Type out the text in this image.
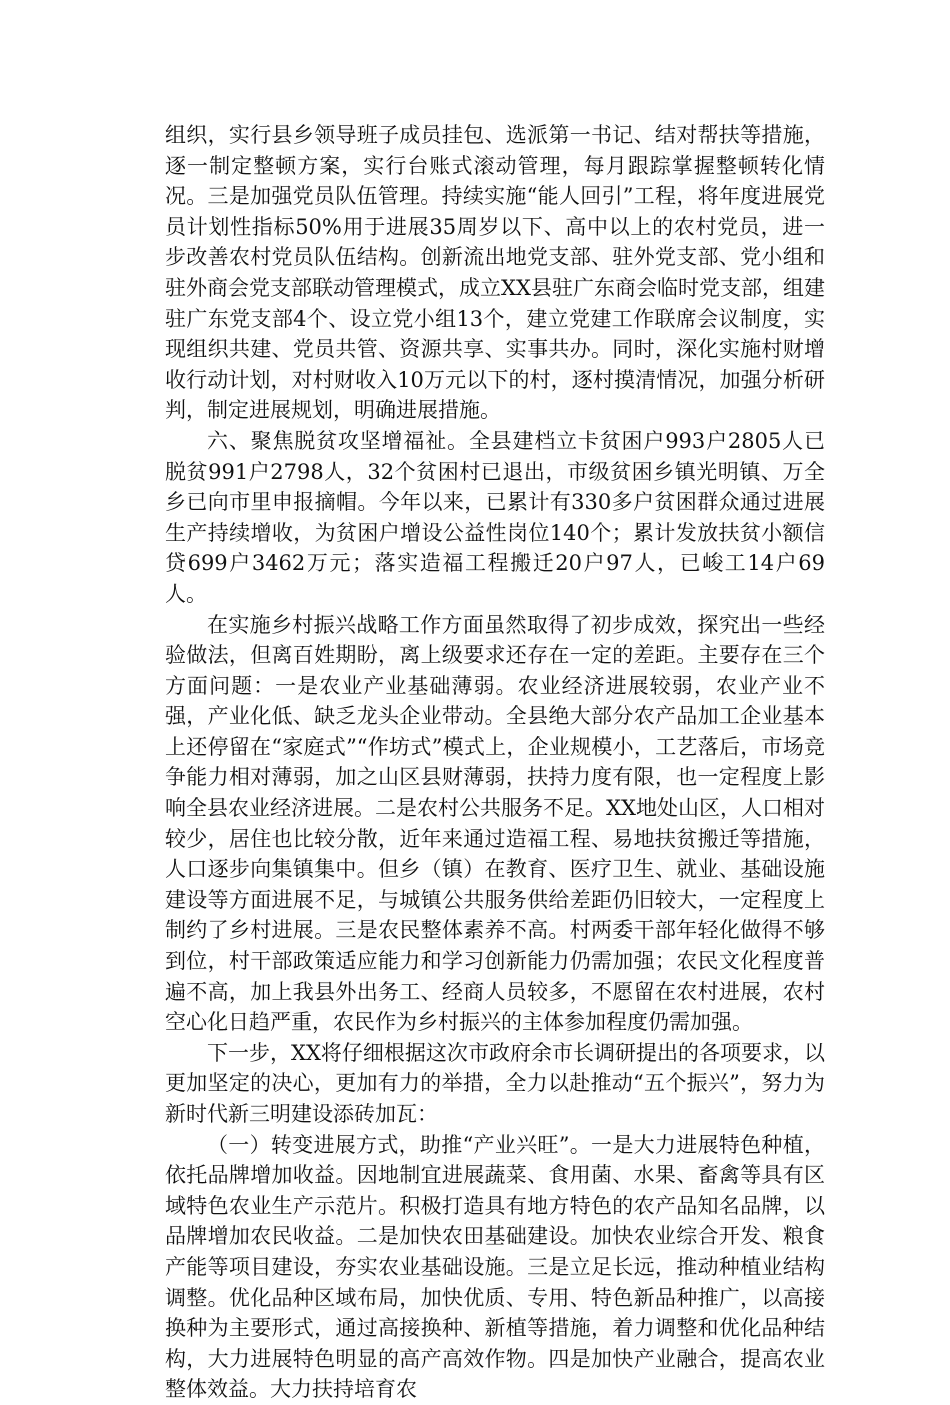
组织，实行县乡领导班子成员挂包、选派第一书记、结对帮扶等措施，逐一制定整顿方案，实行台账式滚动管理，每月跟踪掌握整顿转化情况。三是加强党员队伍管理。持续实施“能人回引”工程，将年度进展党员计划性指标50%用于进展35周岁以下、高中以上的农村党员，进一步改善农村党员队伍结构。创新流出地党支部、驻外党支部、党小组和驻外商会党支部联动管理模式，成立XX县驻广东商会临时党支部，组建驻广东党支部4个、设立党小组13个，建立党建工作联席会议制度，实现组织共建、党员共管、资源共享、实事共办。同时，深化实施村财增收行动计划，对村财收入10万元以下的村，逐村摸清情况，加强分析研判，制定进展规划，明确进展措施。

六、聚焦脱贫攻坚增福祉。全县建档立卡贫困户993户2805人已脱贫991户2798人，32个贫困村已退出，市级贫困乡镇光明镇、万全乡已向市里申报摘帽。今年以来，已累计有330多户贫困群众通过进展生产持续增收，为贫困户增设公益性岗位140个；累计发放扶贫小额信贷699户3462万元；落实造福工程搬迁20户97人，已峻工14户69人。

在实施乡村振兴战略工作方面虽然取得了初步成效，探究出一些经验做法，但离百姓期盼，离上级要求还存在一定的差距。主要存在三个方面问题：一是农业产业基础薄弱。农业经济进展较弱，农业产业不强，产业化低、缺乏龙头企业带动。全县绝大部分农产品加工企业基本上还停留在“家庭式”“作坊式”模式上，企业规模小，工艺落后，市场竞争能力相对薄弱，加之山区县财薄弱，扶持力度有限，也一定程度上影响全县农业经济进展。二是农村公共服务不足。XX地处山区，人口相对较少，居住也比较分散，近年来通过造福工程、易地扶贫搬迁等措施，人口逐步向集镇集中。但乡（镇）在教育、医疗卫生、就业、基础设施建设等方面进展不足，与城镇公共服务供给差距仍旧较大，一定程度上制约了乡村进展。三是农民整体素养不高。村两委干部年轻化做得不够到位，村干部政策适应能力和学习创新能力仍需加强；农民文化程度普遍不高，加上我县外出务工、经商人员较多，不愿留在农村进展，农村空心化日趋严重，农民作为乡村振兴的主体参加程度仍需加强。

下一步，XX将仔细根据这次市政府余市长调研提出的各项要求，以更加坚定的决心，更加有力的举措，全力以赴推动“五个振兴”，努力为新时代新三明建设添砖加瓦：

（一）转变进展方式，助推“产业兴旺”。一是大力进展特色种植，依托品牌增加收益。因地制宜进展蔬菜、食用菌、水果、畜禽等具有区域特色农业生产示范片。积极打造具有地方特色的农产品知名品牌，以品牌增加农民收益。二是加快农田基础建设。加快农业综合开发、粮食产能等项目建设，夯实农业基础设施。三是立足长远，推动种植业结构调整。优化品种区域布局，加快优质、专用、特色新品种推广，以高接换种为主要形式，通过高接换种、新植等措施，着力调整和优化品种结构，大力进展特色明显的高产高效作物。四是加快产业融合，提高农业整体效益。大力扶持培育农
